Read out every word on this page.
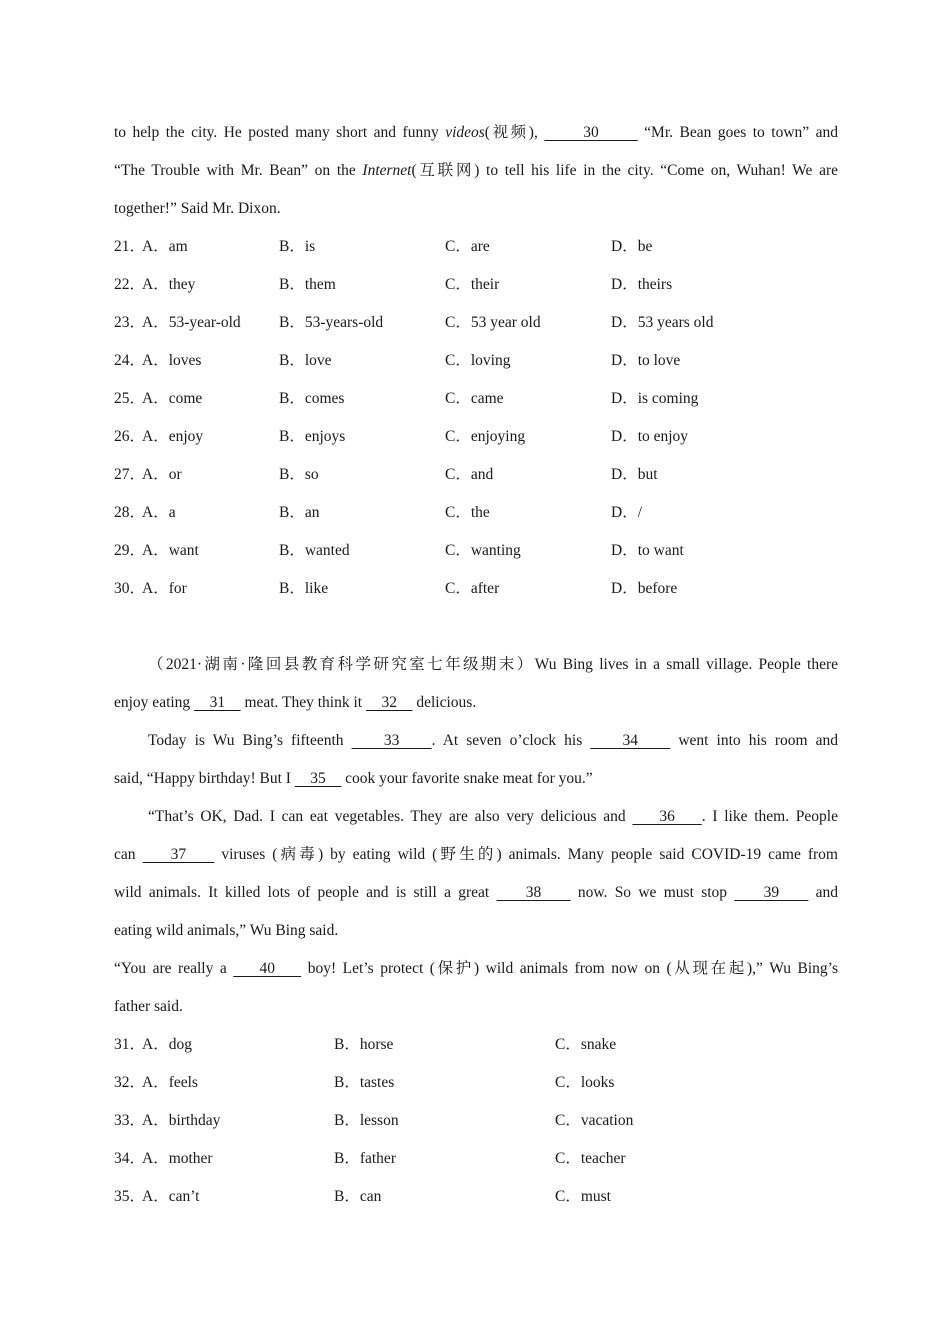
to help the city. He posted many short and funny videos(视频),       30       “Mr. Bean goes to town” and
“The Trouble with Mr. Bean” on the Internet(互联网) to tell his life in the city. “Come on, Wuhan! We are
together!” Said Mr. Dixon.
21．
A．am	B．is	C．are	D．be
22．
A．they	B．them	C．their	D．theirs
23．
A．53-year-old B．53-years-old	C．53 year old	D．53 years old
24．
A．loves	B．love	C．loving	D．to love
25．
A．come	B．comes	C．came	D．is coming
26．
A．enjoy	B．enjoys	C．enjoying	D．to enjoy
27．
A．or	B．so	C．and	D．but
28．
A．a	B．an	C．the	D．/
29．
A．want	B．wanted	C．wanting	D．to want
30．
A．for	B．like	C．after	D．before
（2021·湖南·隆回县教育科学研究室七年级期末）Wu Bing lives in a small village. People there
enjoy eating     31     meat. They think it     32     delicious.
Today is Wu Bing’s fifteenth     33    . At seven o’clock his     34     went into his room and
said, “Happy birthday! But I     35     cook your favorite snake meat for you.”
“That’s OK, Dad. I can eat vegetables. They are also very delicious and     36    . I like them. People
can     37     viruses (病毒) by eating wild (野生的) animals. Many people said COVID-19 came from
wild animals. It killed lots of people and is still a great     38     now. So we must stop     39     and
eating wild animals,” Wu Bing said.
“You are really a     40     boy! Let’s protect (保护) wild animals from now on (从现在起),” Wu Bing’s
father said.
31．
A．dog	B．horse	C．snake
32．
A．feels	B．tastes	C．looks
33．
A．birthday	B．lesson	C．vacation
34．
A．mother	B．father	C．teacher
35．
A．can’t	B．can	C．must
